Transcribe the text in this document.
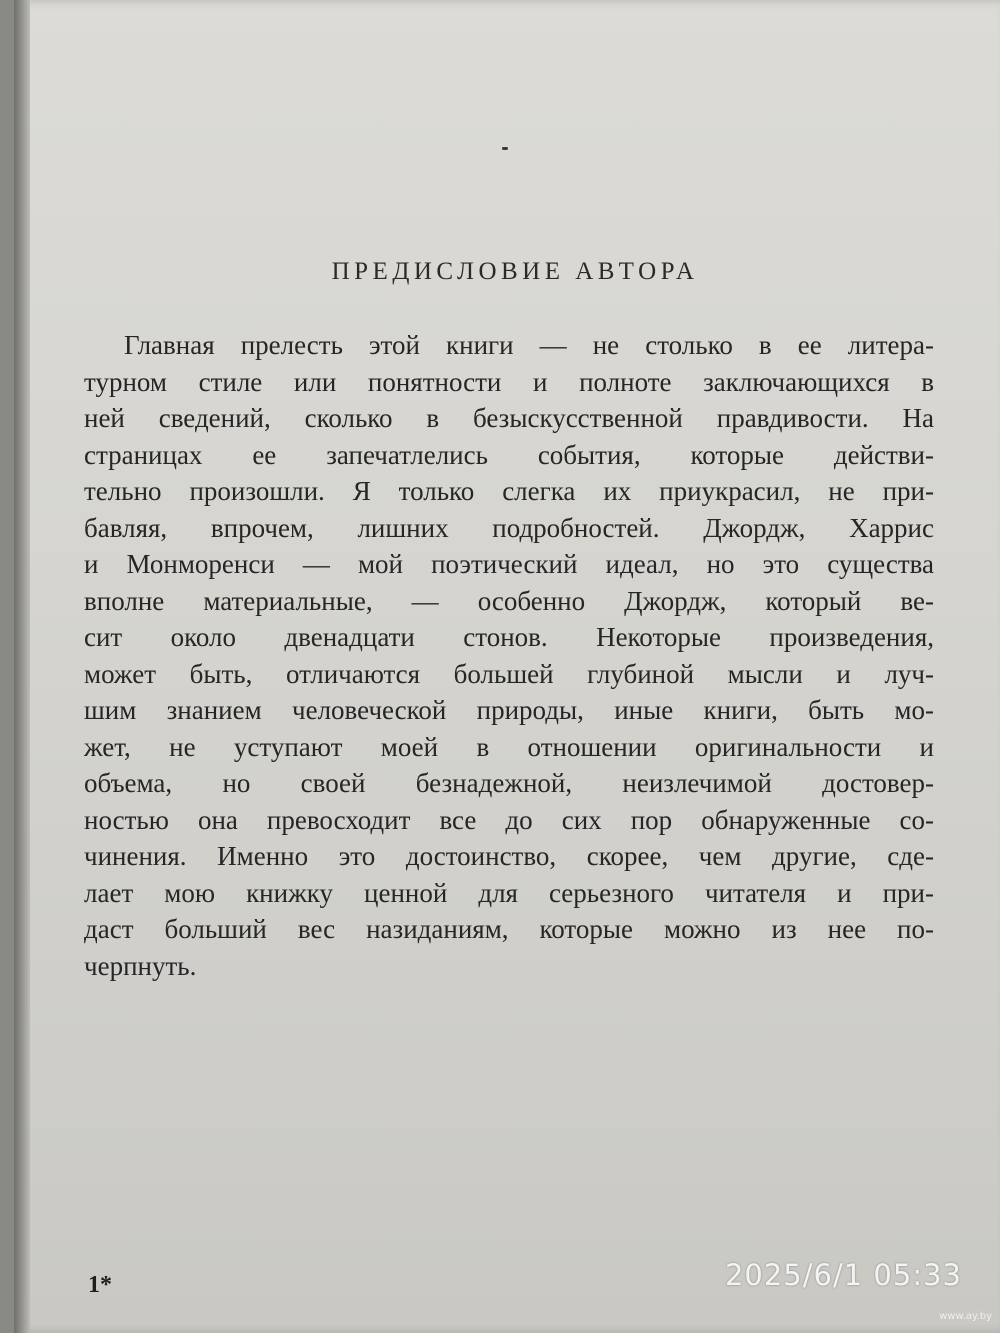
ПРЕДИСЛОВИЕ АВТОРА
Главная прелесть этой книги — не столько в ее литера-
турном стиле или понятности и полноте заключающихся в
ней сведений, сколько в безыскусственной правдивости. На
страницах ее запечатлелись события, которые действи-
тельно произошли. Я только слегка их приукрасил, не при-
бавляя, впрочем, лишних подробностей. Джордж, Харрис
и Монморенси — мой поэтический идеал, но это существа
вполне материальные, — особенно Джордж, который ве-
сит около двенадцати стонов. Некоторые произведения,
может быть, отличаются большей глубиной мысли и луч-
шим знанием человеческой природы, иные книги, быть мо-
жет, не уступают моей в отношении оригинальности и
объема, но своей безнадежной, неизлечимой достовер-
ностью она превосходит все до сих пор обнаруженные со-
чинения. Именно это достоинство, скорее, чем другие, сде-
лает мою книжку ценной для серьезного читателя и при-
даст больший вес назиданиям, которые можно из нее по-
черпнуть.
1*	2025/6/1 05:33
www.ay.by
